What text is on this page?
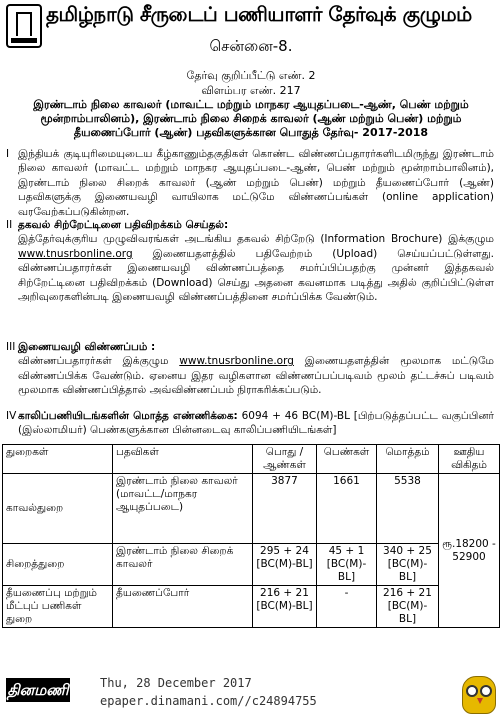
தமிழ்நாடு சீருடைப் பணியாளர் தேர்வுக் குழுமம்
சென்னை-8.
தேர்வு குறிப்பீட்டு எண். 2
விளம்பர எண். 217
இரண்டாம் நிலை காவலர் (மாவட்ட மற்றும் மாநகர ஆயுதப்படை-ஆண், பெண் மற்றும் மூன்றாம்பாலினம்), இரண்டாம் நிலை சிறைக் காவலர் (ஆண் மற்றும் பெண்) மற்றும் தீயணைப்போர் (ஆண்) பதவிகளுக்கான பொதுத் தேர்வு- 2017-2018
I இந்தியக் குடியுரிமையுடைய கீழ்காணும்தகுதிகள் கொண்ட விண்ணப்பதாரர்களிடமிருந்து இரண்டாம் நிலை காவலர் (மாவட்ட மற்றும் மாநகர ஆயுதப்படை-ஆண், பெண் மற்றும் மூன்றாம்பாலினம்), இரண்டாம் நிலை சிறைக் காவலர் (ஆண் மற்றும் பெண்) மற்றும் தீயணைப்போர் (ஆண்) பதவிகளுக்கு இணையவழி வாயிலாக மட்டுமே விண்ணப்பங்கள் (online application) வரவேற்கப்படுகின்றன.
II தகவல் சிற்றேட்டினை பதிவிறக்கம் செய்தல்:
இத்தேர்வுக்குரிய முழுவிவரங்கள் அடங்கிய தகவல் சிற்றேடு (Information Brochure) இக்குழும www.tnusrbonline.org இணையதளத்தில் பதிவேற்றம் (Upload) செய்யப்பட்டுள்ளது. விண்ணப்பதாரர்கள் இணையவழி விண்ணப்பத்தை சமர்ப்பிப்பதற்கு முன்னர் இத்தகவல் சிற்றேட்டினை பதிவிறக்கம் (Download) செய்து அதனை கவனமாக படித்து அதில் குறிப்பிட்டுள்ள அறிவுரைகளின்படி இணையவழி விண்ணப்பத்தினை சமர்ப்பிக்க வேண்டும்.
III இணையவழி விண்ணப்பம் :
விண்ணப்பதாரர்கள் இக்குழும www.tnusrbonline.org இணையதளத்தின் மூலமாக மட்டுமே விண்ணப்பிக்க வேண்டும். ஏனைய இதர வழிகளான விண்ணப்பப்படிவம் மூலம் தட்டச்சுப் படிவம் மூலமாக விண்ணப்பித்தால் அவ்விண்ணப்பம் நிராகரிக்கப்படும்.
IV காலிப்பணியிடங்களின் மொத்த எண்ணிக்கை: 6094 + 46 BC(M)-BL [பிற்படுத்தப்பட்ட வகுப்பினர் (இஸ்லாமியர்) பெண்களுக்கான பின்னடைவு காலிப்பணியிடங்கள்]
துறைகள்	பதவிகள்	பொது / ஆண்கள்	பெண்கள்	மொத்தம்	ஊதிய விகிதம்
காவல்துறை	இரண்டாம் நிலை காவலர் (மாவட்ட/மாநகர ஆயுதப்படை)	3877	1661	5538	ரூ.18200 - 52900
சிறைத்துறை	இரண்டாம் நிலை சிறைக் காவலர்	295 + 24 [BC(M)-BL]	45 + 1 [BC(M)-BL]	340 + 25 [BC(M)-BL]	
தீயணைப்பு மற்றும் மீட்புப் பணிகள் துறை	தீயணைப்போர்	216 + 21 [BC(M)-BL]	-	216 + 21 [BC(M)-BL]	
தினமணி	Thu, 28 December 2017
epaper.dinamani.com//c24894755
